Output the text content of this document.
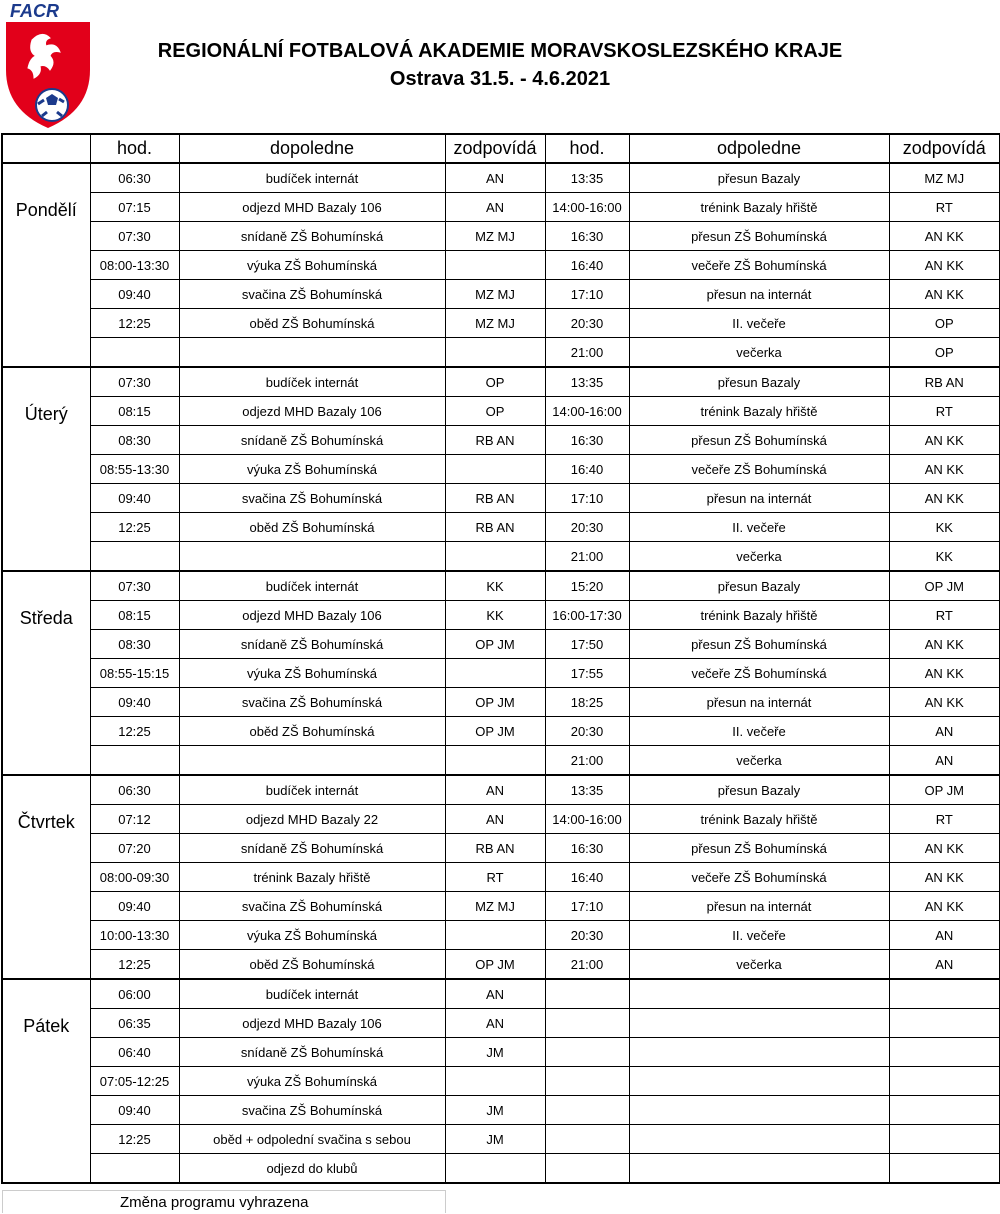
FACR
REGIONÁLNÍ FOTBALOVÁ AKADEMIE MORAVSKOSLEZSKÉHO KRAJE
Ostrava 31.5. - 4.6.2021
	hod.	dopoledne	zodpovídá	hod.	odpoledne	zodpovídá
Pondělí	06:30	budíček internát	AN	13:35	přesun Bazaly	MZ MJ
	07:15	odjezd MHD Bazaly 106	AN	14:00-16:00	trénink Bazaly hřiště	RT
	07:30	snídaně ZŠ Bohumínská	MZ MJ	16:30	přesun ZŠ Bohumínská	AN KK
	08:00-13:30	výuka ZŠ Bohumínská		16:40	večeře ZŠ Bohumínská	AN KK
	09:40	svačina ZŠ Bohumínská	MZ MJ	17:10	přesun na internát	AN KK
	12:25	oběd ZŠ Bohumínská	MZ MJ	20:30	II. večeře	OP
				21:00	večerka	OP
Úterý	07:30	budíček internát	OP	13:35	přesun Bazaly	RB AN
	08:15	odjezd MHD Bazaly 106	OP	14:00-16:00	trénink Bazaly hřiště	RT
	08:30	snídaně ZŠ Bohumínská	RB AN	16:30	přesun ZŠ Bohumínská	AN KK
	08:55-13:30	výuka ZŠ Bohumínská		16:40	večeře ZŠ Bohumínská	AN KK
	09:40	svačina ZŠ Bohumínská	RB AN	17:10	přesun na internát	AN KK
	12:25	oběd ZŠ Bohumínská	RB AN	20:30	II. večeře	KK
				21:00	večerka	KK
Středa	07:30	budíček internát	KK	15:20	přesun Bazaly	OP JM
	08:15	odjezd MHD Bazaly 106	KK	16:00-17:30	trénink Bazaly hřiště	RT
	08:30	snídaně ZŠ Bohumínská	OP JM	17:50	přesun ZŠ Bohumínská	AN KK
	08:55-15:15	výuka ZŠ Bohumínská		17:55	večeře ZŠ Bohumínská	AN KK
	09:40	svačina ZŠ Bohumínská	OP JM	18:25	přesun na internát	AN KK
	12:25	oběd ZŠ Bohumínská	OP JM	20:30	II. večeře	AN
				21:00	večerka	AN
Čtvrtek	06:30	budíček internát	AN	13:35	přesun Bazaly	OP JM
	07:12	odjezd MHD Bazaly 22	AN	14:00-16:00	trénink Bazaly hřiště	RT
	07:20	snídaně ZŠ Bohumínská	RB AN	16:30	přesun ZŠ Bohumínská	AN KK
	08:00-09:30	trénink Bazaly hřiště	RT	16:40	večeře ZŠ Bohumínská	AN KK
	09:40	svačina ZŠ Bohumínská	MZ MJ	17:10	přesun na internát	AN KK
	10:00-13:30	výuka ZŠ Bohumínská		20:30	II. večeře	AN
	12:25	oběd ZŠ Bohumínská	OP JM	21:00	večerka	AN
Pátek	06:00	budíček internát	AN			
	06:35	odjezd MHD Bazaly 106	AN			
	06:40	snídaně ZŠ Bohumínská	JM			
	07:05-12:25	výuka ZŠ Bohumínská				
	09:40	svačina ZŠ Bohumínská	JM			
	12:25	oběd + odpolední svačina s sebou	JM			
		odjezd do klubů				
Změna programu vyhrazena
